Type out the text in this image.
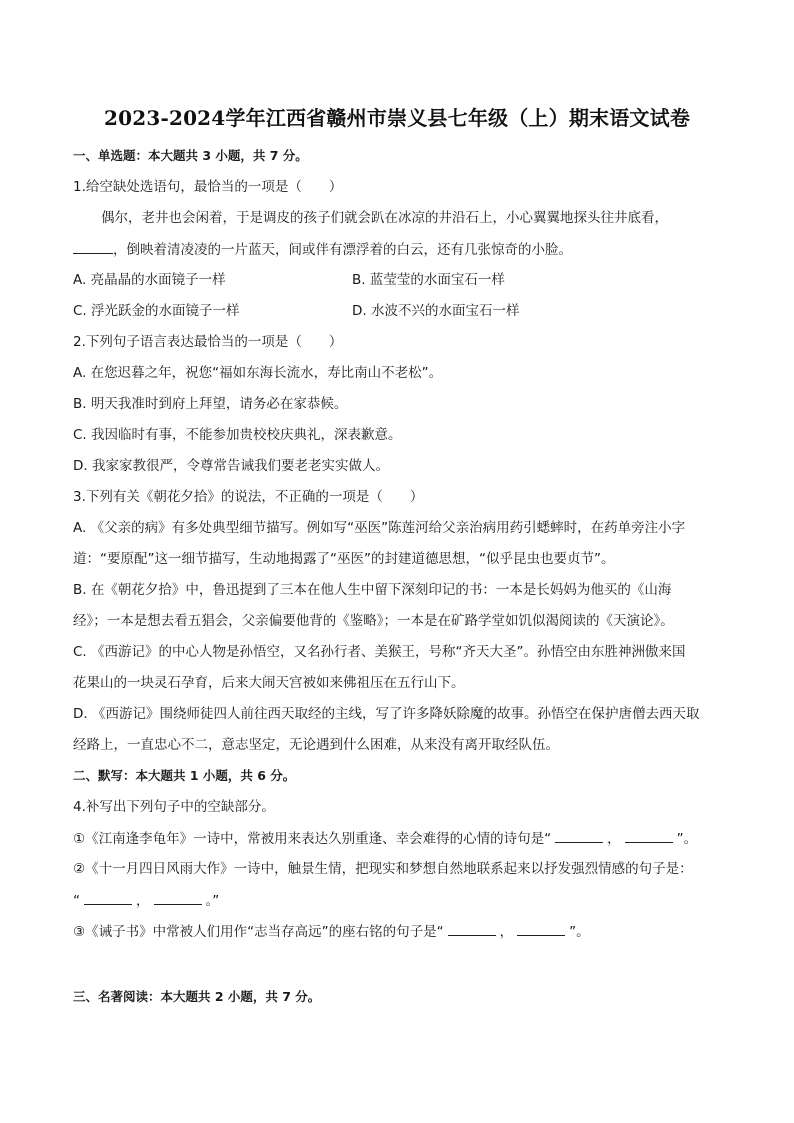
2023-2024学年江西省赣州市崇义县七年级（上）期末语文试卷
一、单选题：本大题共 3 小题，共 7 分。
1.给空缺处选语句，最恰当的一项是（　　）
偶尔，老井也会闲着，于是调皮的孩子们就会趴在冰凉的井沿石上，小心翼翼地探头往井底看，
，倒映着清凌凌的一片蓝天，间或伴有漂浮着的白云，还有几张惊奇的小脸。
A. 亮晶晶的水面镜子一样	B. 蓝莹莹的水面宝石一样
C. 浮光跃金的水面镜子一样	D. 水波不兴的水面宝石一样
2.下列句子语言表达最恰当的一项是（　　）
A. 在您迟暮之年，祝您“福如东海长流水，寿比南山不老松”。
B. 明天我准时到府上拜望，请务必在家恭候。
C. 我因临时有事，不能参加贵校校庆典礼，深表歉意。
D. 我家家教很严，令尊常告诫我们要老老实实做人。
3.下列有关《朝花夕拾》的说法，不正确的一项是（　　）
A. 《父亲的病》有多处典型细节描写。例如写“巫医”陈莲河给父亲治病用药引蟋蟀时，在药单旁注小字
道：“要原配”这一细节描写，生动地揭露了“巫医”的封建道德思想，“似乎昆虫也要贞节”。
B. 在《朝花夕拾》中，鲁迅提到了三本在他人生中留下深刻印记的书：一本是长妈妈为他买的《山海
经》；一本是想去看五猖会，父亲偏要他背的《鉴略》；一本是在矿路学堂如饥似渴阅读的《天演论》。
C. 《西游记》的中心人物是孙悟空，又名孙行者、美猴王，号称“齐天大圣”。孙悟空由东胜神洲傲来国
花果山的一块灵石孕育，后来大闹天宫被如来佛祖压在五行山下。
D. 《西游记》围绕师徒四人前往西天取经的主线，写了许多降妖除魔的故事。孙悟空在保护唐僧去西天取
经路上，一直忠心不二，意志坚定，无论遇到什么困难，从来没有离开取经队伍。
二、默写：本大题共 1 小题，共 6 分。
4.补写出下列句子中的空缺部分。
①《江南逢李龟年》一诗中，常被用来表达久别重逢、幸会难得的心情的诗句是“	，	”。
②《十一月四日风雨大作》一诗中，触景生情，把现实和梦想自然地联系起来以抒发强烈情感的句子是：
“	，	。”
③《诫子书》中常被人们用作“志当存高远”的座右铭的句子是“	，	”。
三、名著阅读：本大题共 2 小题，共 7 分。
